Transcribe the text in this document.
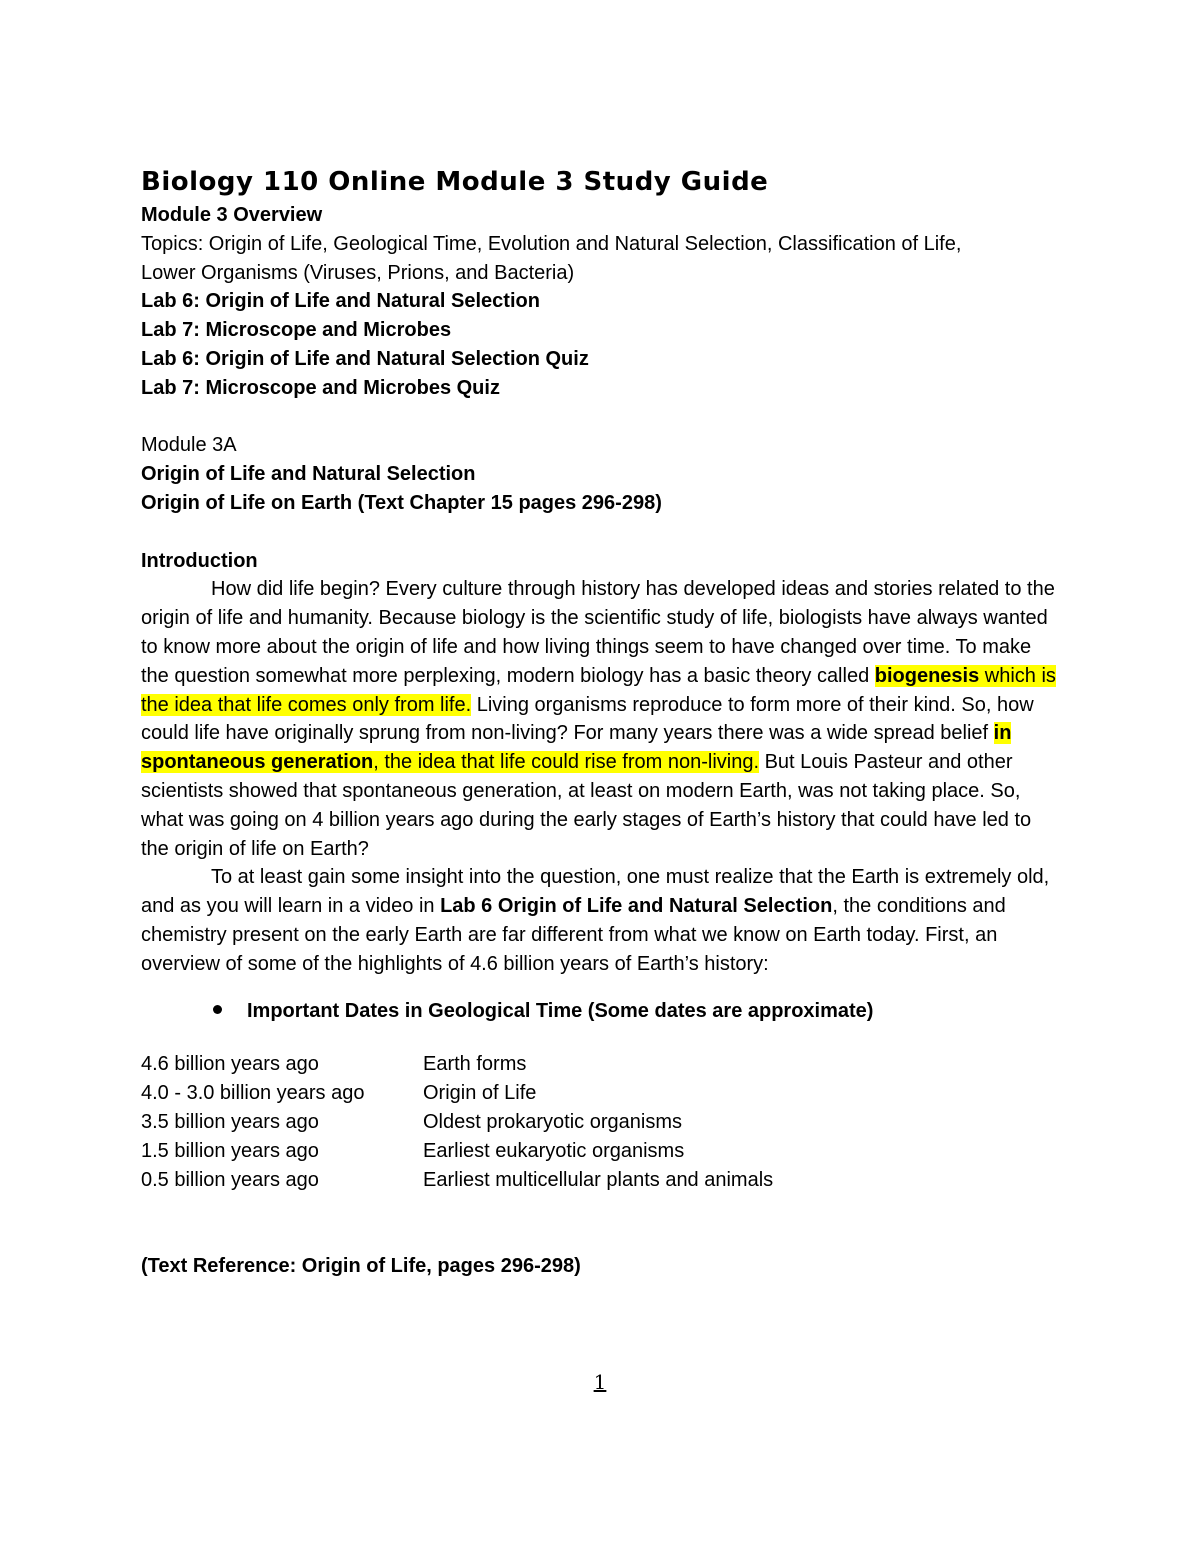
Biology 110 Online Module 3 Study Guide

Module 3 Overview

Topics: Origin of Life, Geological Time, Evolution and Natural Selection, Classification of Life,

Lower Organisms (Viruses, Prions, and Bacteria)

Lab 6: Origin of Life and Natural Selection

Lab 7: Microscope and Microbes

Lab 6: Origin of Life and Natural Selection Quiz

Lab 7: Microscope and Microbes Quiz

Module 3A

Origin of Life and Natural Selection

Origin of Life on Earth (Text Chapter 15 pages 296-298)

Introduction

How did life begin? Every culture through history has developed ideas and stories related to the origin of life and humanity. Because biology is the scientific study of life, biologists have always wanted to know more about the origin of life and how living things seem to have changed over time. To make the question somewhat more perplexing, modern biology has a basic theory called biogenesis which is the idea that life comes only from life. Living organisms reproduce to form more of their kind. So, how could life have originally sprung from non-living? For many years there was a wide spread belief in spontaneous generation, the idea that life could rise from non-living. But Louis Pasteur and other scientists showed that spontaneous generation, at least on modern Earth, was not taking place. So, what was going on 4 billion years ago during the early stages of Earth’s history that could have led to the origin of life on Earth?

To at least gain some insight into the question, one must realize that the Earth is extremely old, and as you will learn in a video in Lab 6 Origin of Life and Natural Selection, the conditions and chemistry present on the early Earth are far different from what we know on Earth today. First, an overview of some of the highlights of 4.6 billion years of Earth’s history:

Important Dates in Geological Time (Some dates are approximate)
4.6 billion years ago	Earth forms
4.0 - 3.0 billion years ago	Origin of Life
3.5 billion years ago	Oldest prokaryotic organisms
1.5 billion years ago	Earliest eukaryotic organisms
0.5 billion years ago	Earliest multicellular plants and animals

(Text Reference: Origin of Life, pages 296-298)

1
